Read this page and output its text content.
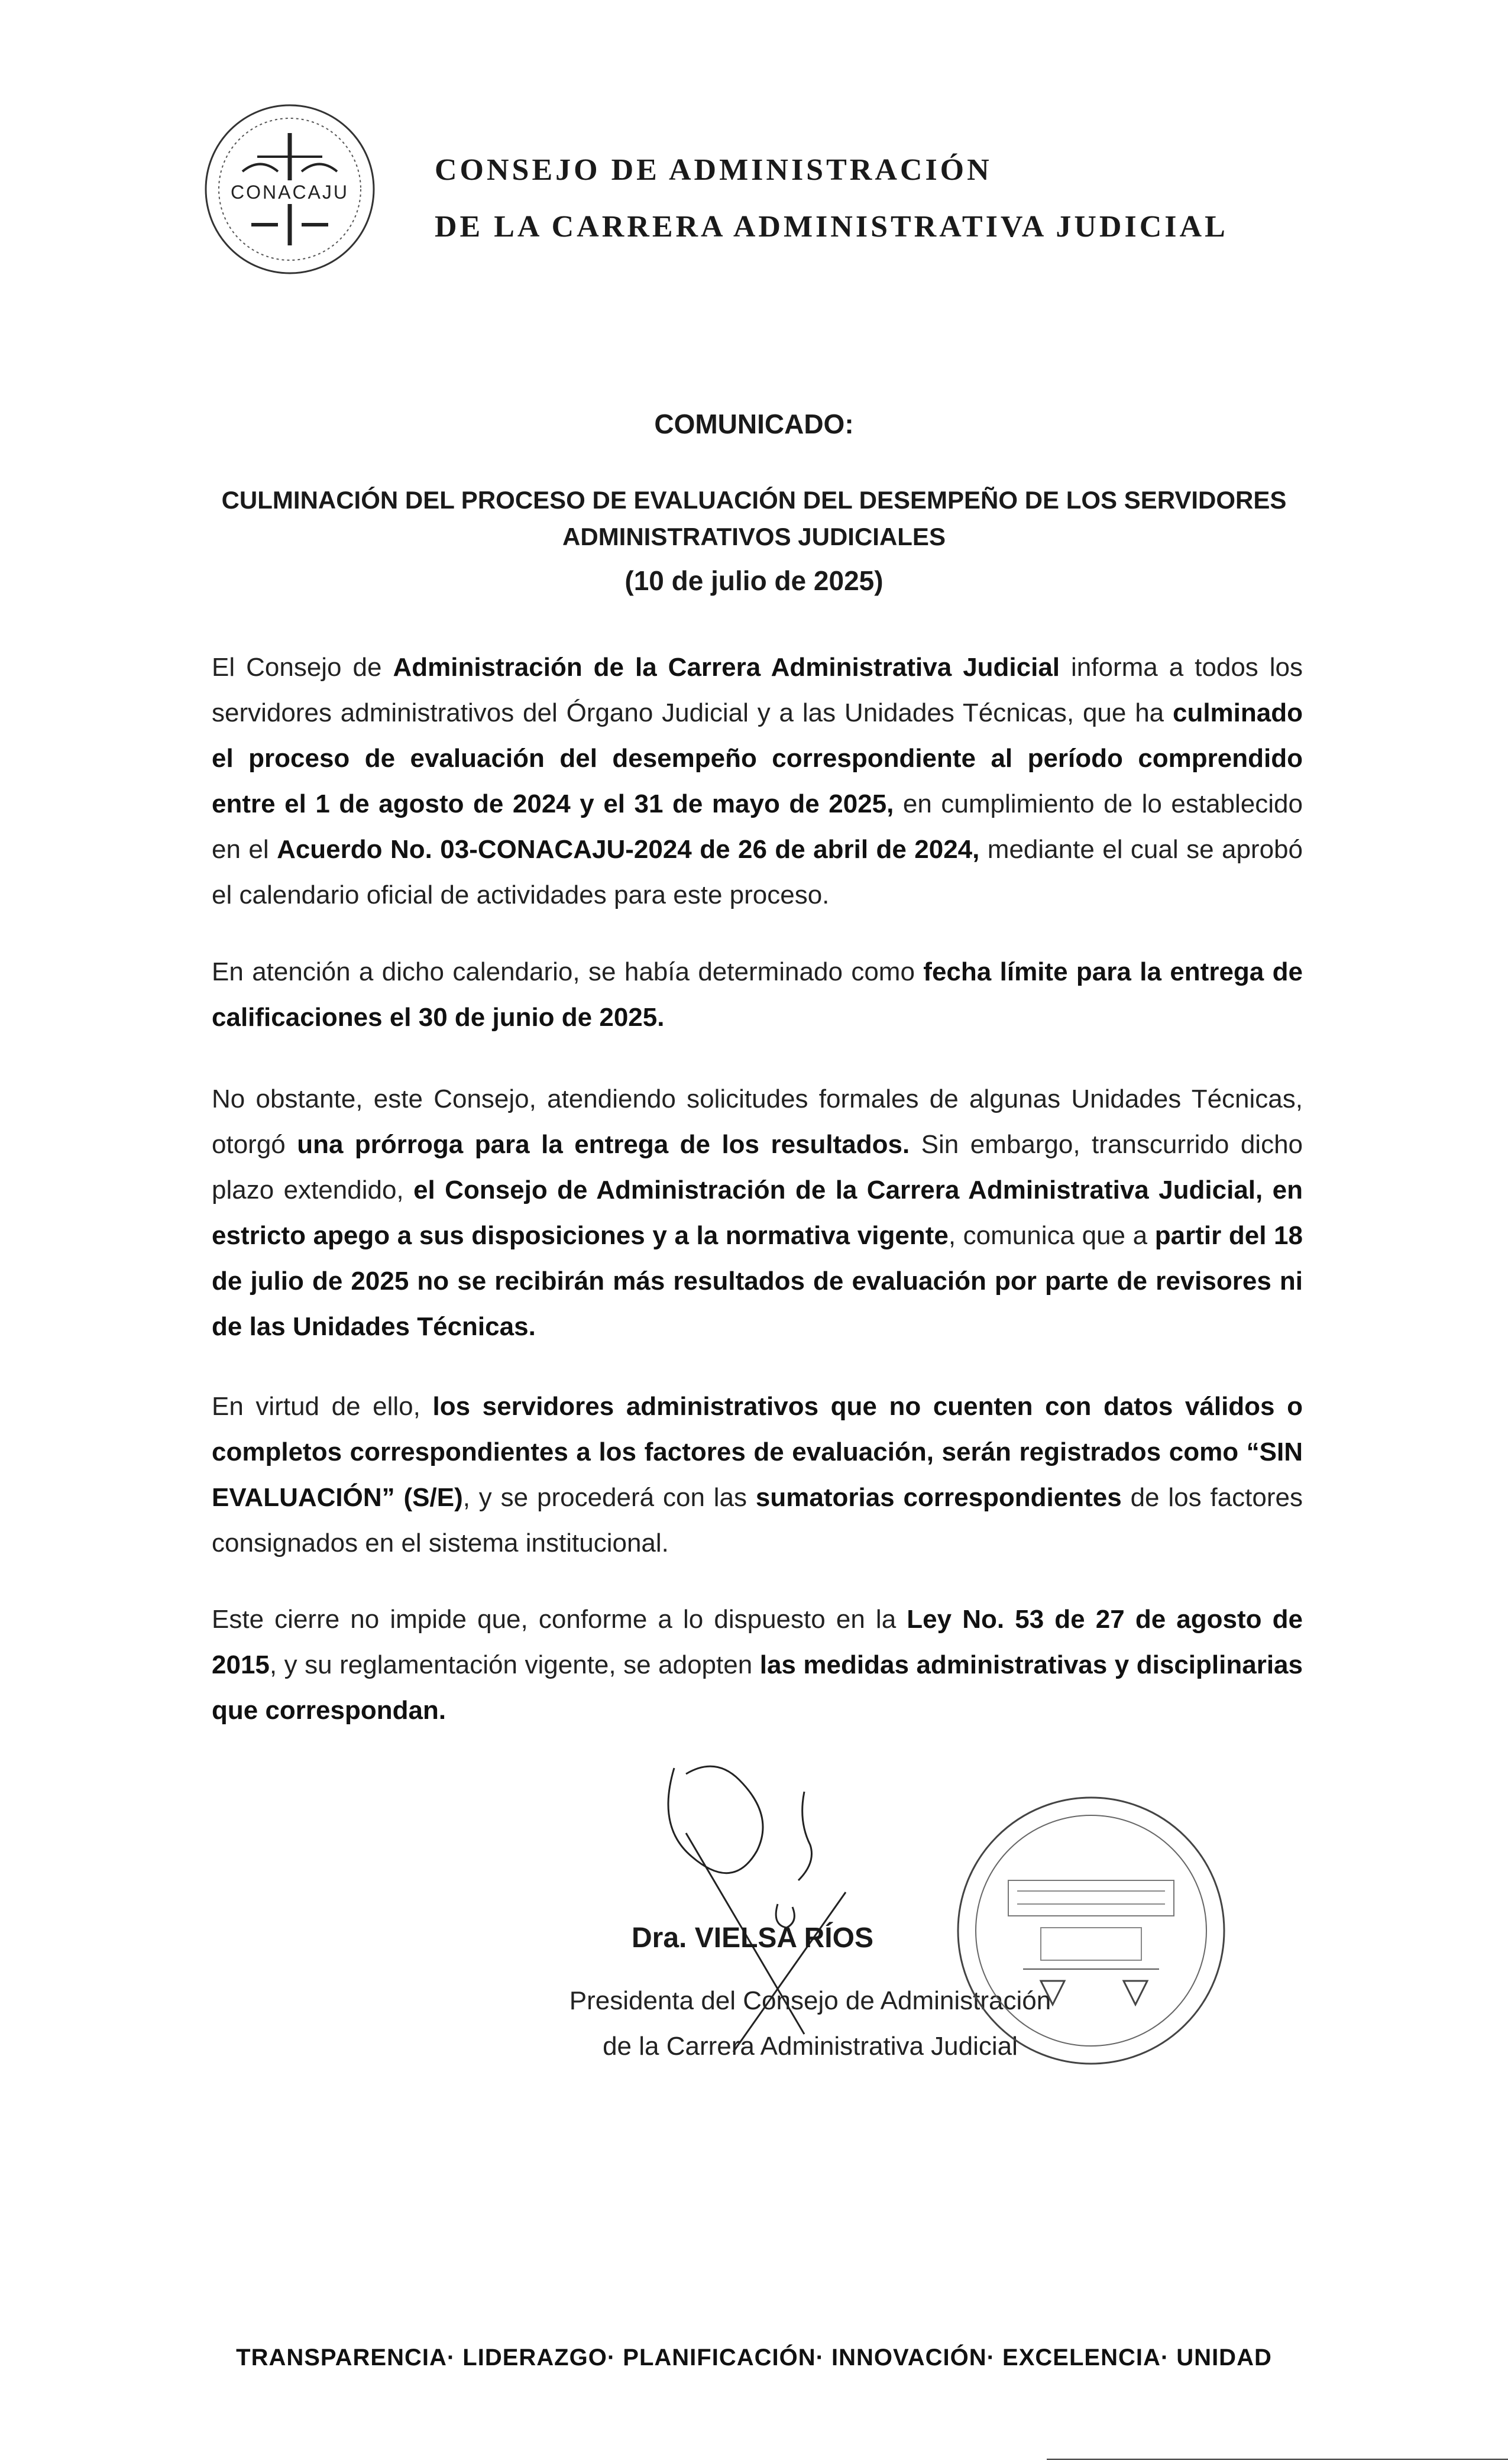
CONACAJU
CONSEJO DE ADMINISTRACIÓN
DE LA CARRERA ADMINISTRATIVA JUDICIAL
COMUNICADO:
CULMINACIÓN DEL PROCESO DE EVALUACIÓN DEL DESEMPEÑO DE LOS SERVIDORES ADMINISTRATIVOS JUDICIALES
(10 de julio de 2025)
El Consejo de Administración de la Carrera Administrativa Judicial informa a todos los servidores administrativos del Órgano Judicial y a las Unidades Técnicas, que ha culminado el proceso de evaluación del desempeño correspondiente al período comprendido entre el 1 de agosto de 2024 y el 31 de mayo de 2025, en cumplimiento de lo establecido en el Acuerdo No. 03-CONACAJU-2024 de 26 de abril de 2024, mediante el cual se aprobó el calendario oficial de actividades para este proceso.
En atención a dicho calendario, se había determinado como fecha límite para la entrega de calificaciones el 30 de junio de 2025.
No obstante, este Consejo, atendiendo solicitudes formales de algunas Unidades Técnicas, otorgó una prórroga para la entrega de los resultados. Sin embargo, transcurrido dicho plazo extendido, el Consejo de Administración de la Carrera Administrativa Judicial, en estricto apego a sus disposiciones y a la normativa vigente, comunica que a partir del 18 de julio de 2025 no se recibirán más resultados de evaluación por parte de revisores ni de las Unidades Técnicas.
En virtud de ello, los servidores administrativos que no cuenten con datos válidos o completos correspondientes a los factores de evaluación, serán registrados como “SIN EVALUACIÓN” (S/E), y se procederá con las sumatorias correspondientes de los factores consignados en el sistema institucional.
Este cierre no impide que, conforme a lo dispuesto en la Ley No. 53 de 27 de agosto de 2015, y su reglamentación vigente, se adopten las medidas administrativas y disciplinarias que correspondan.
Dra. VIELSA RÍOS
Presidenta del Consejo de Administración
de la Carrera Administrativa Judicial
TRANSPARENCIA· LIDERAZGO· PLANIFICACIÓN· INNOVACIÓN· EXCELENCIA· UNIDAD
